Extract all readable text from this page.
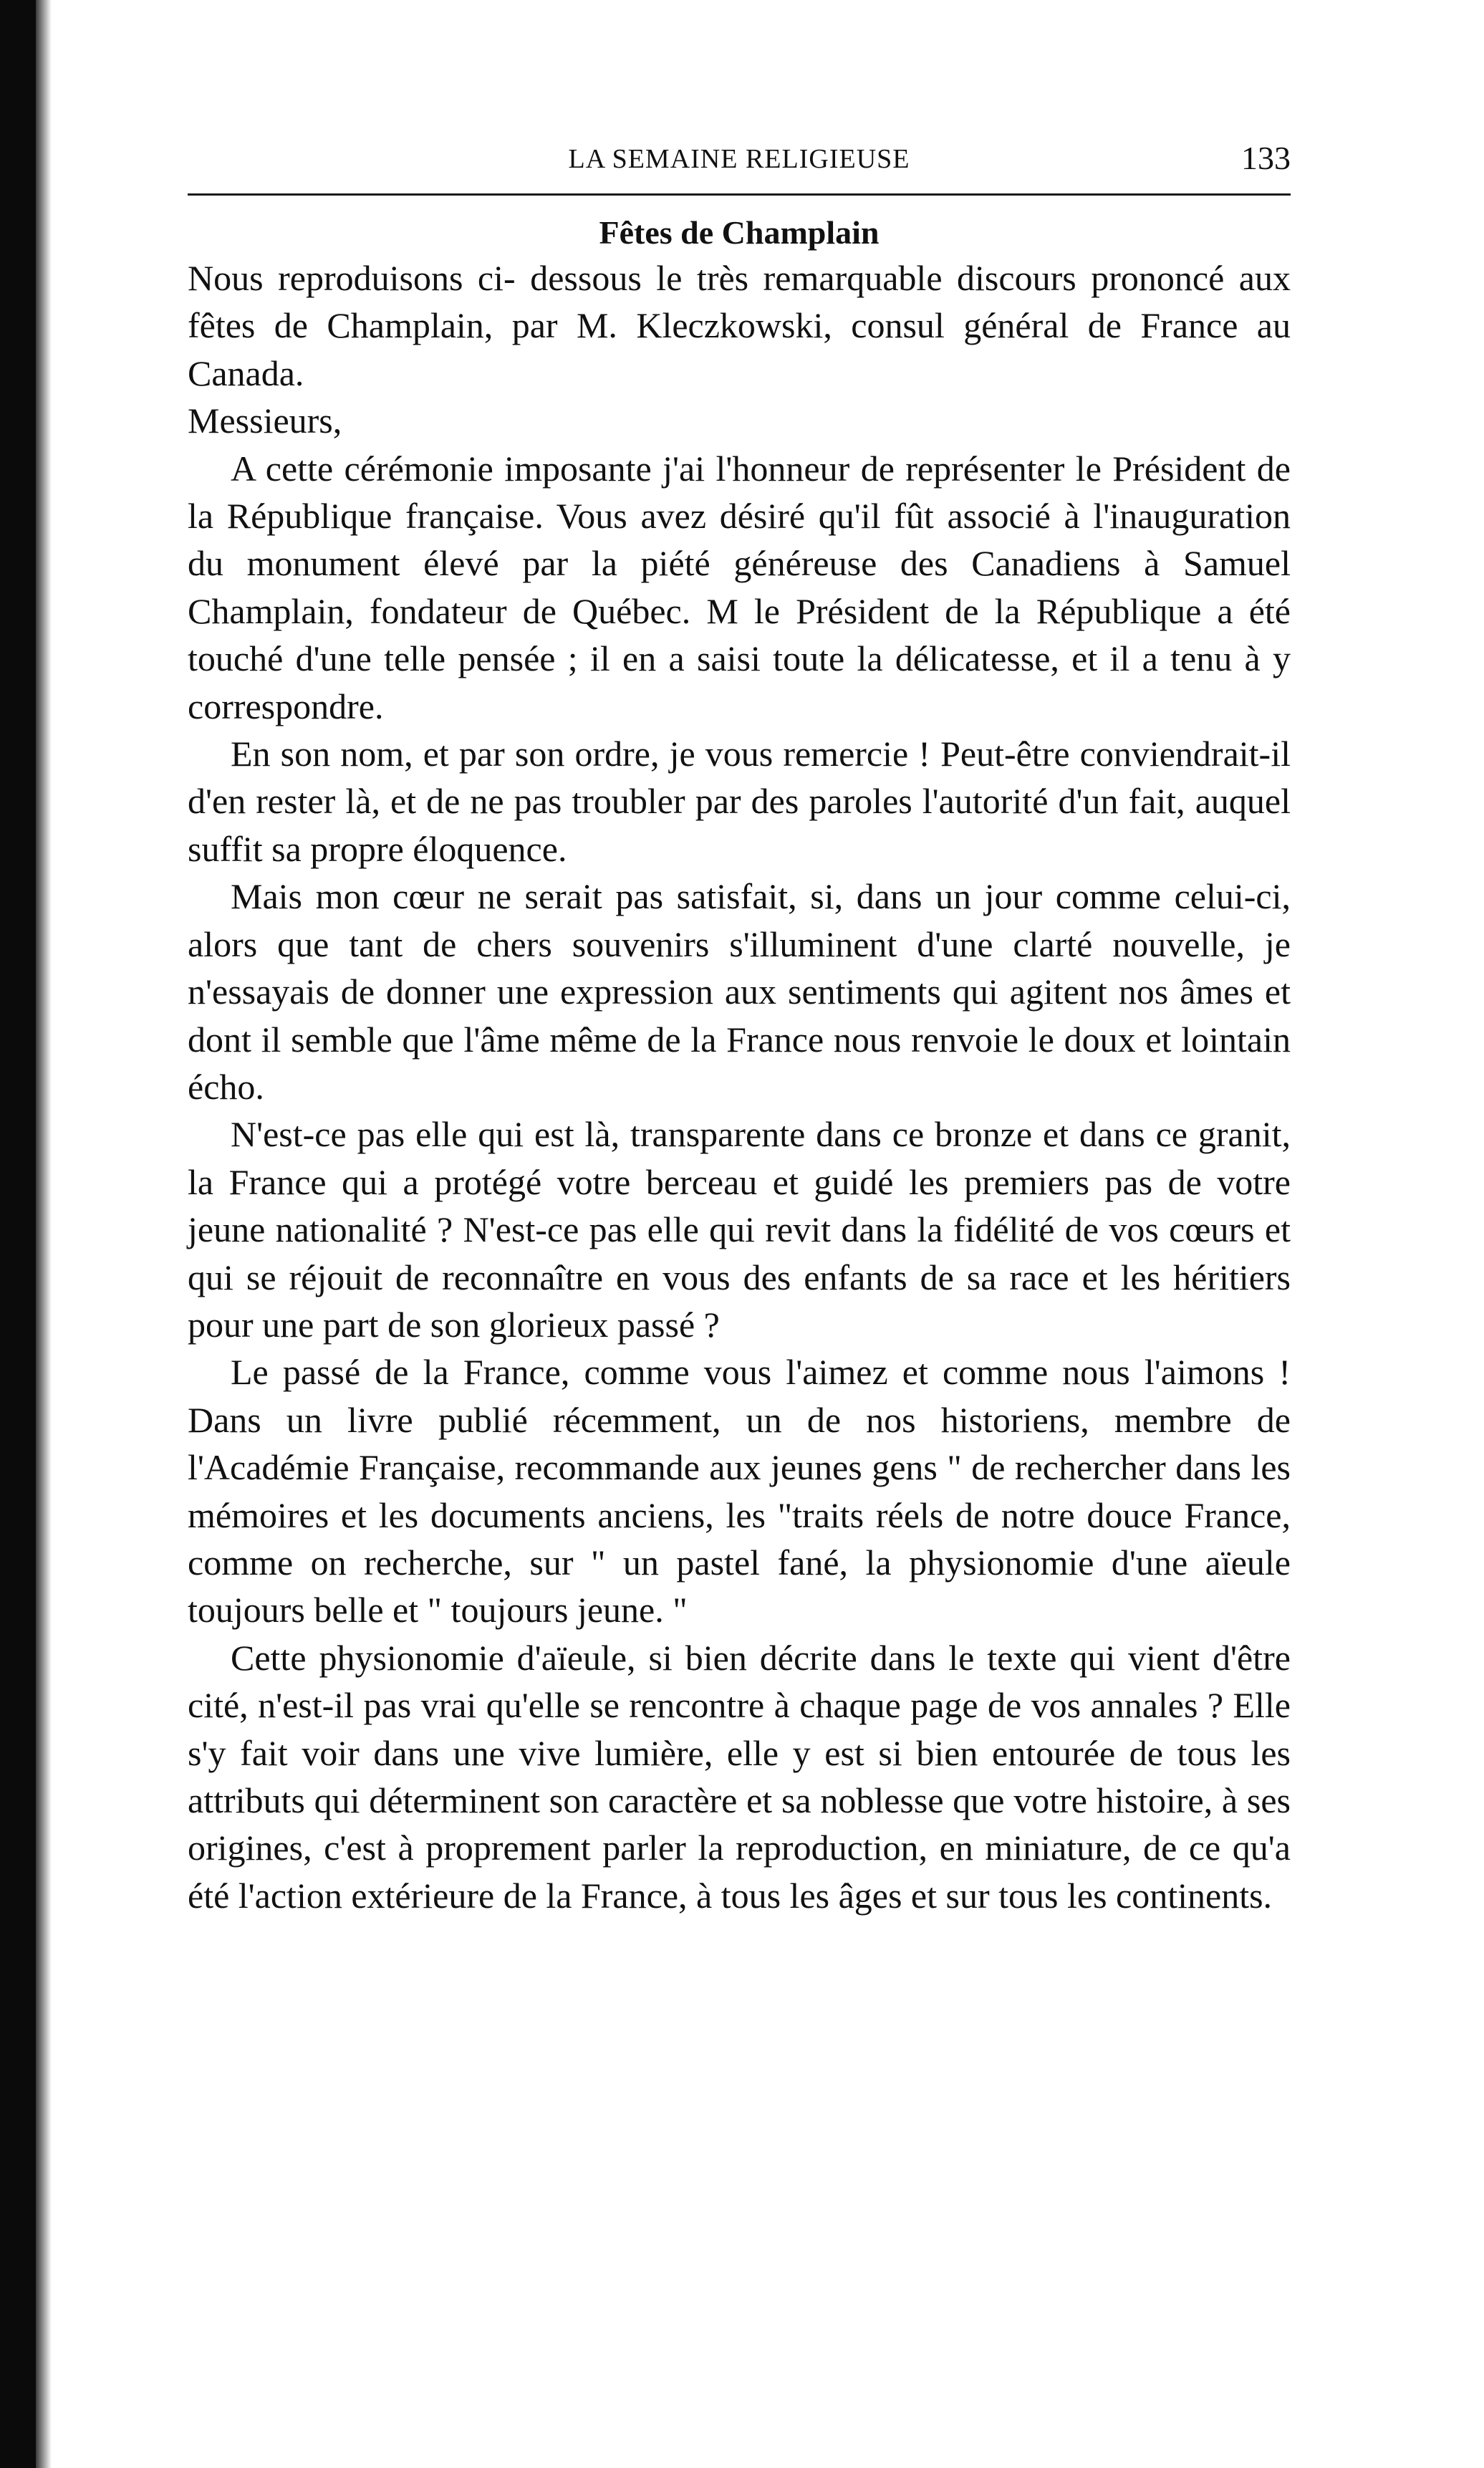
LA SEMAINE RELIGIEUSE	133
Fêtes de Champlain

Nous reproduisons ci- dessous le très remarquable discours prononcé aux fêtes de Champlain, par M. Kleczkowski, consul général de France au Canada.

Messieurs,

A cette cérémonie imposante j'ai l'honneur de représenter le Président de la République française. Vous avez désiré qu'il fût associé à l'inauguration du monument élevé par la piété généreuse des Canadiens à Samuel Champlain, fondateur de Québec. M le Président de la République a été touché d'une telle pensée ; il en a saisi toute la délicatesse, et il a tenu à y correspondre.

En son nom, et par son ordre, je vous remercie ! Peut-être conviendrait-il d'en rester là, et de ne pas troubler par des paroles l'autorité d'un fait, auquel suffit sa propre éloquence.

Mais mon cœur ne serait pas satisfait, si, dans un jour comme celui-ci, alors que tant de chers souvenirs s'illuminent d'une clarté nouvelle, je n'essayais de donner une expression aux sentiments qui agitent nos âmes et dont il semble que l'âme même de la France nous renvoie le doux et lointain écho.

N'est-ce pas elle qui est là, transparente dans ce bronze et dans ce granit, la France qui a protégé votre berceau et guidé les premiers pas de votre jeune nationalité ? N'est-ce pas elle qui revit dans la fidélité de vos cœurs et qui se réjouit de reconnaître en vous des enfants de sa race et les héritiers pour une part de son glorieux passé ?

Le passé de la France, comme vous l'aimez et comme nous l'aimons ! Dans un livre publié récemment, un de nos historiens, membre de l'Académie Française, recommande aux jeunes gens " de rechercher dans les mémoires et les documents anciens, les "traits réels de notre douce France, comme on recherche, sur " un pastel fané, la physionomie d'une aïeule toujours belle et " toujours jeune. "

Cette physionomie d'aïeule, si bien décrite dans le texte qui vient d'être cité, n'est-il pas vrai qu'elle se rencontre à chaque page de vos annales ? Elle s'y fait voir dans une vive lumière, elle y est si bien entourée de tous les attributs qui déterminent son caractère et sa noblesse que votre histoire, à ses origines, c'est à proprement parler la reproduction, en miniature, de ce qu'a été l'action extérieure de la France, à tous les âges et sur tous les continents.
